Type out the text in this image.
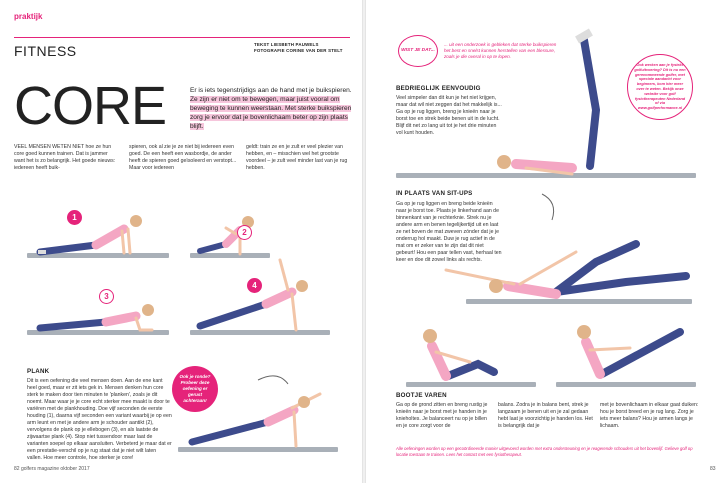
praktijk
FITNESS	TEKST LIESBETH PAUWELS
FOTOGRAFIE CORINE VAN DER STELT
CORE	Er is iets tegenstrijdigs aan de hand met je buikspieren. Ze zijn er niet om te bewegen, maar juist vooral om beweging te kunnen weerstaan. Met sterke buikspieren zorg je ervoor dat je bovenlichaam beter op zijn plaats blijft.
VEEL MENSEN WETEN NIET hoe ze hun core goed kunnen trainen. Dat is jammer want het is zo belangrijk. Het goede nieuws: iedereen heeft buik-
spieren, ook al zie je ze niet bij iedereen even goed. De een heeft een wasbordje, de ander heeft de spieren goed geïsoleerd en verstopt... Maar voor iedereen
geldt: train ze en je zult er veel plezier van hebben, en – misschien wel het grootste voordeel – je zult veel minder last van je rug hebben.
1
2
3
4
PLANK
Dit is een oefening die veel mensen doen. Aan de ene kant heel goed, maar er zit iets gek in. Mensen denken hun core sterk te maken door tien minuten te 'planken', zoals je dit noemt. Maar waar je je core echt sterker mee maakt is door te variëren met de plankhouding. Doe vijf seconden de eerste houding (1), daarna vijf seconden een variant waarbij je op een arm leunt en met je andere arm je schouder aantikt (2), vervolgens de plank op je ellebogen (3), en als laatste de zijwaartse plank (4). Stop niet tussendoor maar laat de varianten soepel op elkaar aansluiten. Verbeterd je maar dat er een prestatie-verschil op je rug staat dat je niet wilt laten vallen. Hoe meer controle, hoe sterker je core!
Ook je ronde? Probeer deze oefening er gerust achteraan!
82 golfers magazine oktober 2017
WIST JE DAT...
... uit een onderzoek is gebleken dat sterke buikspieren het best en snelst kunnen herstellen van een blessure, zoals je die overal in op te lopen.
Ook werken aan je fysieke golfuitvoering? Dit is nu een gerenommeerde golfer, met speciale aandacht voor beginners, kom hier meer over te weten. Bekijk onze website voor golf fysiotherapeuten Nederland of via www.golfperformance.nl
BEDRIEGLIJK EENVOUDIG
Veel simpeler dan dit kun je het niet krijgen, maar dat wil niet zeggen dat het makkelijk is... Ga op je rug liggen, breng je knieën naar je borst toe en strek beide benen uit in de lucht. Blijf dit net zo lang uit tot je het drie minuten vol kunt houden.
IN PLAATS VAN SIT-UPS
Ga op je rug liggen en breng beide knieën naar je borst toe. Plaats je linkerhand aan de binnenkant van je rechterknie. Strek nu je andere arm en benen tegelijkertijd uit en laat ze net boven de mat zweven zónder dat je je onderrug hol maakt. Duw je rug actief in de mat om er zeker van te zijn dat dit niet gebeurt! Hou een paar tellen vast, herhaal ten keer en doe dit zowel links als rechts.
BOOTJE VAREN
Ga op de grond zitten en breng rustig je knieën naar je borst met je handen in je knieholtes. Je balanceert nu op je billen en je core zorgt voor de
balans. Zodra je in balans bent, strek je langzaam je benen uit en je zal gedaan hebt laat je voorzichtig je handen los. Het is belangrijk dat je
met je bovenlichaam in elkaar gaat duiken: hou je borst breed en je rug lang. Zorg je iets meer balans? Hou je armen langs je lichaam.
Alle oefeningen worden op een gecoördineerde manier uitgevoerd worden met extra ondersteuning en je reagerende schouders uit het bovenlijf. Gelieve golf op locatie toestaan te trainen. Lees het contact met een fysiotherapeut.
83
